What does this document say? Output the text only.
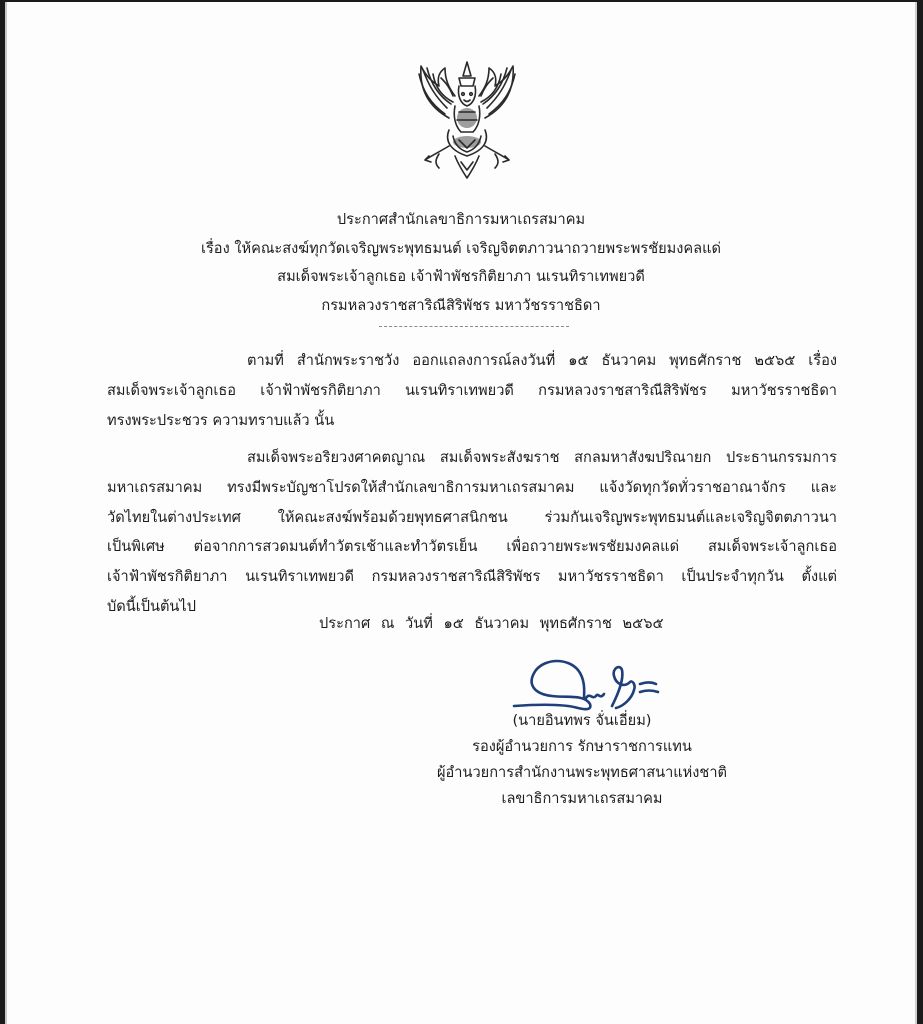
ประกาศสำนักเลขาธิการมหาเถรสมาคม
เรื่อง ให้คณะสงฆ์ทุกวัดเจริญพระพุทธมนต์ เจริญจิตตภาวนาถวายพระพรชัยมงคลแด่
สมเด็จพระเจ้าลูกเธอ เจ้าฟ้าพัชรกิติยาภา นเรนทิราเทพยวดี
กรมหลวงราชสาริณีสิริพัชร มหาวัชรราชธิดา
ตามที่ สำนักพระราชวัง ออกแถลงการณ์ลงวันที่ ๑๕ ธันวาคม พุทธศักราช ๒๕๖๕ เรื่อง
สมเด็จพระเจ้าลูกเธอ เจ้าฟ้าพัชรกิติยาภา นเรนทิราเทพยวดี กรมหลวงราชสาริณีสิริพัชร มหาวัชรราชธิดา
ทรงพระประชวร ความทราบแล้ว นั้น
สมเด็จพระอริยวงศาคตญาณ สมเด็จพระสังฆราช สกลมหาสังฆปริณายก ประธานกรรมการ
มหาเถรสมาคม ทรงมีพระบัญชาโปรดให้สำนักเลขาธิการมหาเถรสมาคม แจ้งวัดทุกวัดทั่วราชอาณาจักร และ
วัดไทยในต่างประเทศ ให้คณะสงฆ์พร้อมด้วยพุทธศาสนิกชน ร่วมกันเจริญพระพุทธมนต์และเจริญจิตตภาวนา
เป็นพิเศษ ต่อจากการสวดมนต์ทำวัตรเช้าและทำวัตรเย็น เพื่อถวายพระพรชัยมงคลแด่ สมเด็จพระเจ้าลูกเธอ
เจ้าฟ้าพัชรกิติยาภา นเรนทิราเทพยวดี กรมหลวงราชสาริณีสิริพัชร มหาวัชรราชธิดา เป็นประจำทุกวัน ตั้งแต่
บัดนี้เป็นต้นไป
ประกาศ ณ วันที่ ๑๕ ธันวาคม พุทธศักราช ๒๕๖๕
(นายอินทพร จั่นเอี่ยม)
รองผู้อำนวยการ รักษาราชการแทน
ผู้อำนวยการสำนักงานพระพุทธศาสนาแห่งชาติ
เลขาธิการมหาเถรสมาคม
